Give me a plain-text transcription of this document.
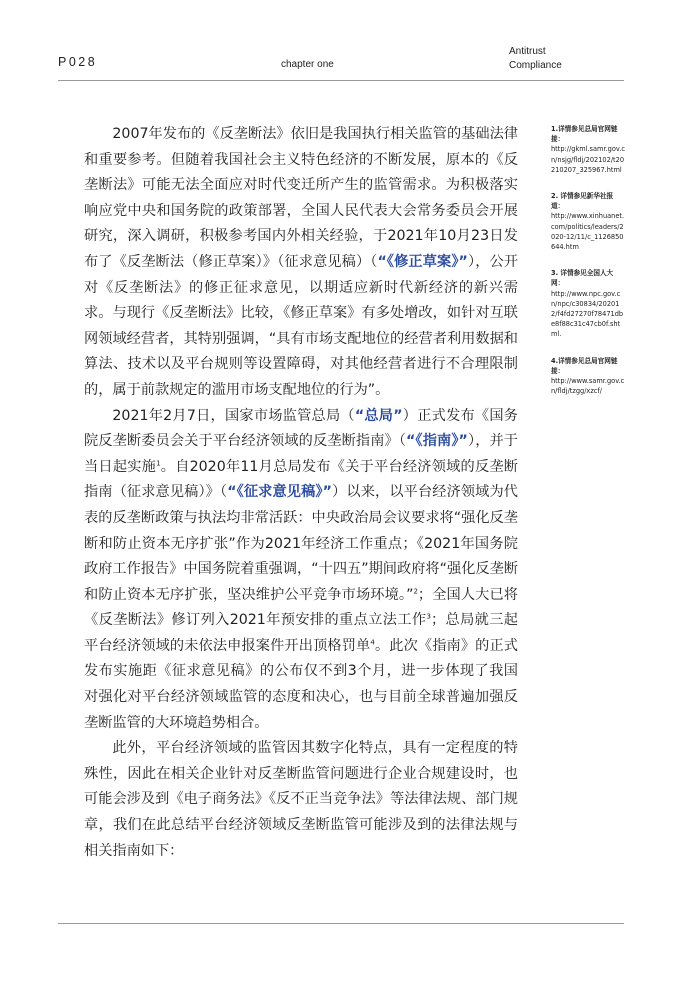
P028	chapter one
Antitrust
Compliance

2007年发布的《反垄断法》依旧是我国执行相关监管的基础法律和重要参考。但随着我国社会主义特色经济的不断发展，原本的《反垄断法》可能无法全面应对时代变迁所产生的监管需求。为积极落实响应党中央和国务院的政策部署，全国人民代表大会常务委员会开展研究，深入调研，积极参考国内外相关经验，于2021年10月23日发布了《反垄断法（修正草案）》（征求意见稿）（“《修正草案》”），公开对《反垄断法》的修正征求意见，以期适应新时代新经济的新兴需求。与现行《反垄断法》比较，《修正草案》有多处增改，如针对互联网领域经营者，其特别强调，“具有市场支配地位的经营者利用数据和算法、技术以及平台规则等设置障碍，对其他经营者进行不合理限制的，属于前款规定的滥用市场支配地位的行为”。

2021年2月7日，国家市场监管总局（“总局”）正式发布《国务院反垄断委员会关于平台经济领域的反垄断指南》（“《指南》”），并于当日起实施$^1$。自2020年11月总局发布《关于平台经济领域的反垄断指南（征求意见稿）》（“《征求意见稿》”）以来，以平台经济领域为代表的反垄断政策与执法均非常活跃：中央政治局会议要求将“强化反垄断和防止资本无序扩张”作为2021年经济工作重点；《2021年国务院政府工作报告》中国务院着重强调，“十四五”期间政府将“强化反垄断和防止资本无序扩张，坚决维护公平竞争市场环境。”$^2$；全国人大已将《反垄断法》修订列入2021年预安排的重点立法工作$^3$；总局就三起平台经济领域的未依法申报案件开出顶格罚单$^4$。此次《指南》的正式发布实施距《征求意见稿》的公布仅不到3个月，进一步体现了我国对强化对平台经济领域监管的态度和决心，也与目前全球普遍加强反垄断监管的大环境趋势相合。

此外，平台经济领域的监管因其数字化特点，具有一定程度的特殊性，因此在相关企业针对反垄断监管问题进行企业合规建设时，也可能会涉及到《电子商务法》《反不正当竞争法》等法律法规、部门规章，我们在此总结平台经济领域反垄断监管可能涉及到的法律法规与相关指南如下：

1.详情参见总局官网链接：
http://gkml.samr.gov.cn/nsjg/fldj/202102/t20210207_325967.html
2. 详情参见新华社报道：
http://www.xinhuanet.com/politics/leaders/2020-12/11/c_1126850644.htm
3. 详情参见全国人大网：
http://www.npc.gov.cn/npc/c30834/202012/f4fd27270f78471dbe8f88c31c47cb0f.shtml.
4.详情参见总局官网链接：
http://www.samr.gov.cn/fldj/tzgg/xzcf/
